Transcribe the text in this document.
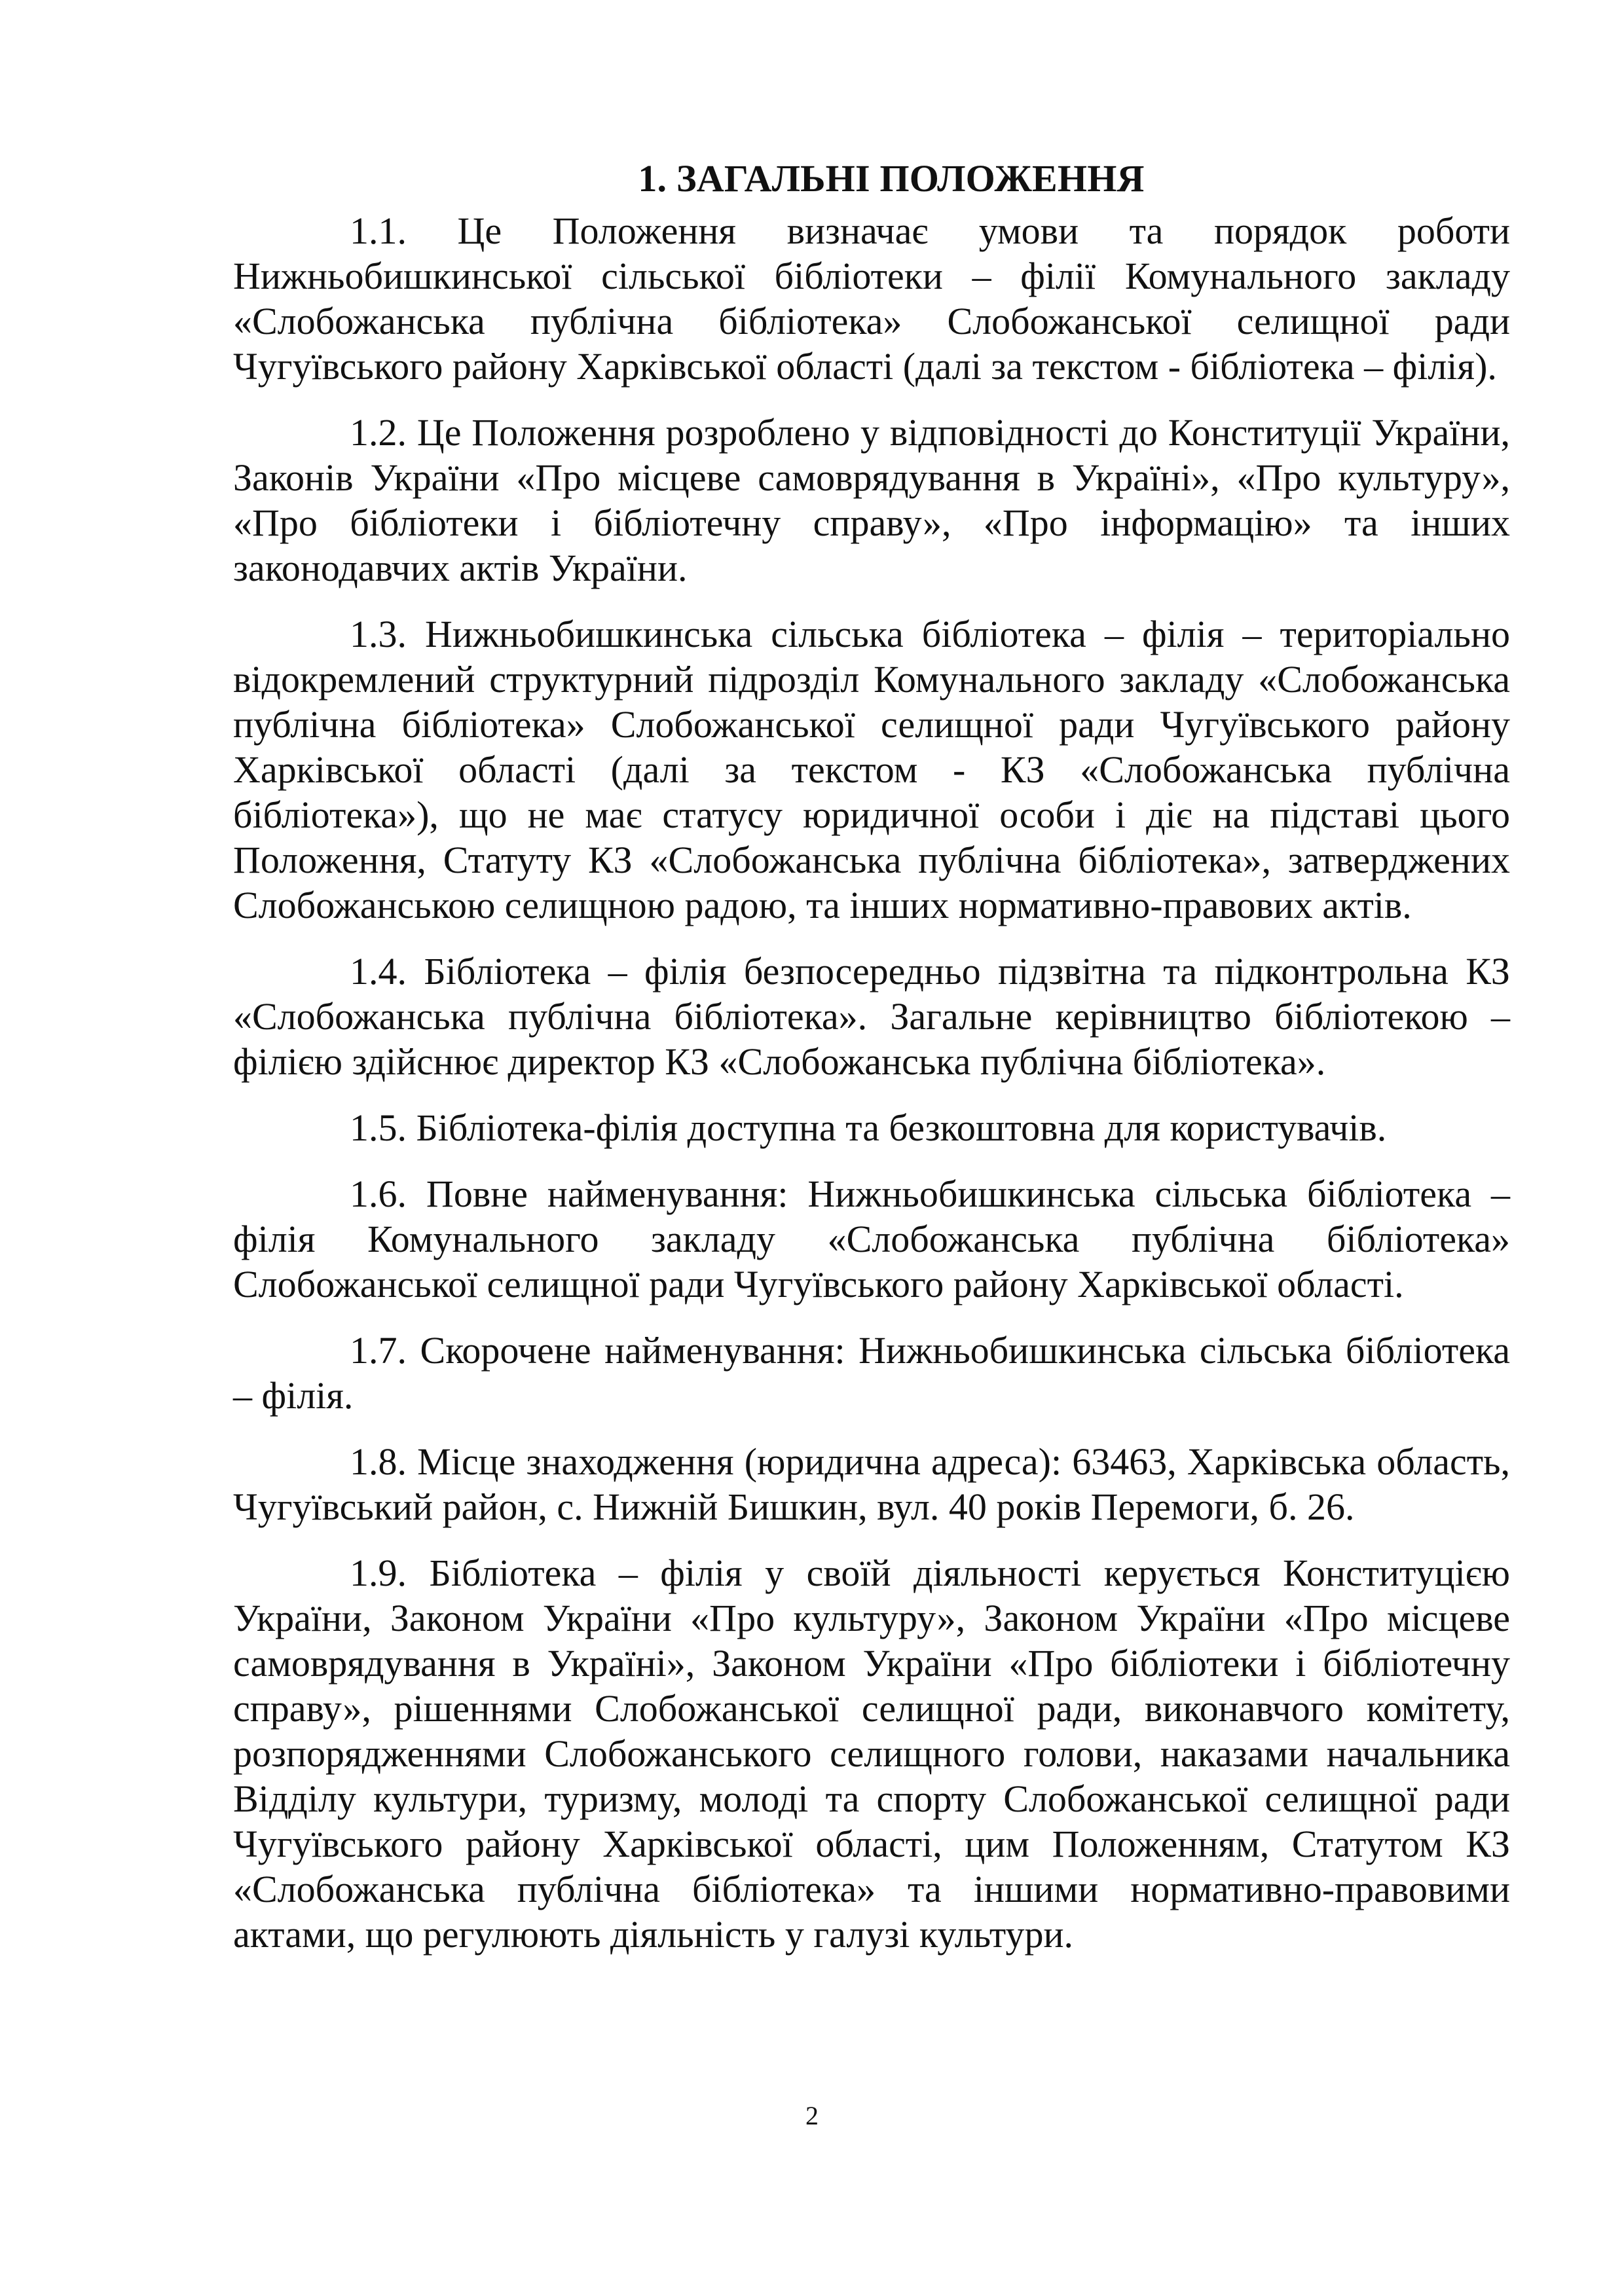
1. ЗАГАЛЬНІ ПОЛОЖЕННЯ

1.1. Це Положення визначає умови та порядок роботи Нижньобишкинської сільської бібліотеки – філії Комунального закладу «Слобожанська публічна бібліотека» Слобожанської селищної ради Чугуївського району Харківської області (далі за текстом - бібліотека – філія).

1.2. Це Положення розроблено у відповідності до Конституції України, Законів України «Про місцеве самоврядування в Україні», «Про культуру», «Про бібліотеки і бібліотечну справу», «Про інформацію» та інших законодавчих актів України.

1.3. Нижньобишкинська сільська бібліотека – філія – територіально відокремлений структурний підрозділ Комунального закладу «Слобожанська публічна бібліотека» Слобожанської селищної ради Чугуївського району Харківської області (далі за текстом - КЗ «Слобожанська публічна бібліотека»), що не має статусу юридичної особи і діє на підставі цього Положення, Статуту КЗ «Слобожанська публічна бібліотека», затверджених Слобожанською селищною радою, та інших нормативно-правових актів.

1.4. Бібліотека – філія безпосередньо підзвітна та підконтрольна КЗ «Слобожанська публічна бібліотека». Загальне керівництво бібліотекою – філією здійснює директор КЗ «Слобожанська публічна бібліотека».

1.5. Бібліотека-філія доступна та безкоштовна для користувачів.

1.6. Повне найменування: Нижньобишкинська сільська бібліотека – філія Комунального закладу «Слобожанська публічна бібліотека» Слобожанської селищної ради Чугуївського району Харківської області.

1.7. Скорочене найменування: Нижньобишкинська сільська бібліотека – філія.

1.8. Місце знаходження (юридична адреса): 63463, Харківська область, Чугуївський район, с. Нижній Бишкин, вул. 40 років Перемоги, б. 26.

1.9. Бібліотека – філія у своїй діяльності керується Конституцією України, Законом України «Про культуру», Законом України «Про місцеве самоврядування в Україні», Законом України «Про бібліотеки і бібліотечну справу», рішеннями Слобожанської селищної ради, виконавчого комітету, розпорядженнями Слобожанського селищного голови, наказами начальника Відділу культури, туризму, молоді та спорту Слобожанської селищної ради Чугуївського району Харківської області, цим Положенням, Статутом КЗ «Слобожанська публічна бібліотека» та іншими нормативно-правовими актами, що регулюють діяльність у галузі культури.

2
